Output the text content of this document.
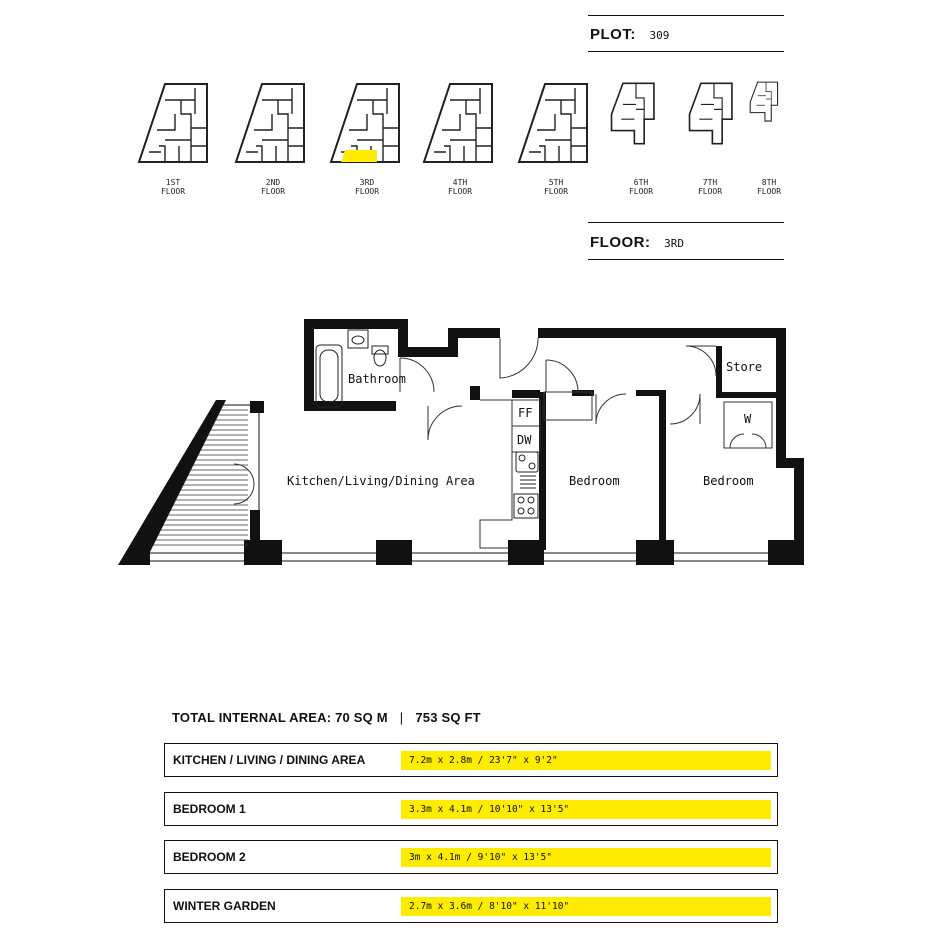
PLOT: 309
1ST
FLOOR
2ND
FLOOR
3RD
FLOOR
4TH
FLOOR
5TH
FLOOR
6TH
FLOOR
7TH
FLOOR
8TH
FLOOR
FLOOR: 3RD
Bathroom
Store
W
FF
DW
Kitchen/Living/Dining Area	Bedroom	Bedroom
TOTAL INTERNAL AREA: 70 SQ M | 753 SQ FT
KITCHEN / LIVING / DINING AREA	7.2m x 2.8m / 23'7" x 9'2"
BEDROOM 1	3.3m x 4.1m / 10'10" x 13'5"
BEDROOM 2	3m x 4.1m / 9'10" x 13'5"
WINTER GARDEN	2.7m x 3.6m / 8'10" x 11'10"
